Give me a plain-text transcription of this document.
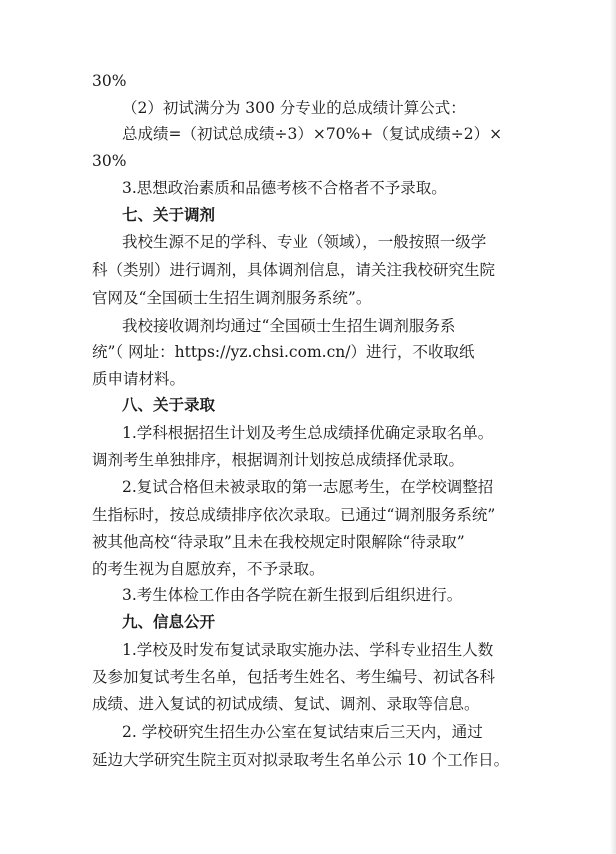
30%
（2）初试满分为 300 分专业的总成绩计算公式：
总成绩=（初试总成绩÷3）×70%+（复试成绩÷2）×
30%
3.思想政治素质和品德考核不合格者不予录取。
七、关于调剂
我校生源不足的学科、专业（领域），一般按照一级学
科（类别）进行调剂，具体调剂信息，请关注我校研究生院
官网及“全国硕士生招生调剂服务系统”。
我校接收调剂均通过“全国硕士生招生调剂服务系
统”（ 网址：https://yz.chsi.com.cn/）进行，不收取纸
质申请材料。
八、关于录取
1.学科根据招生计划及考生总成绩择优确定录取名单。
调剂考生单独排序，根据调剂计划按总成绩择优录取。
2.复试合格但未被录取的第一志愿考生，在学校调整招
生指标时，按总成绩排序依次录取。已通过“调剂服务系统”
被其他高校“待录取”且未在我校规定时限解除“待录取”
的考生视为自愿放弃，不予录取。
3.考生体检工作由各学院在新生报到后组织进行。
九、信息公开
1.学校及时发布复试录取实施办法、学科专业招生人数
及参加复试考生名单，包括考生姓名、考生编号、初试各科
成绩、进入复试的初试成绩、复试、调剂、录取等信息。
2. 学校研究生招生办公室在复试结束后三天内，通过
延边大学研究生院主页对拟录取考生名单公示 10 个工作日。
